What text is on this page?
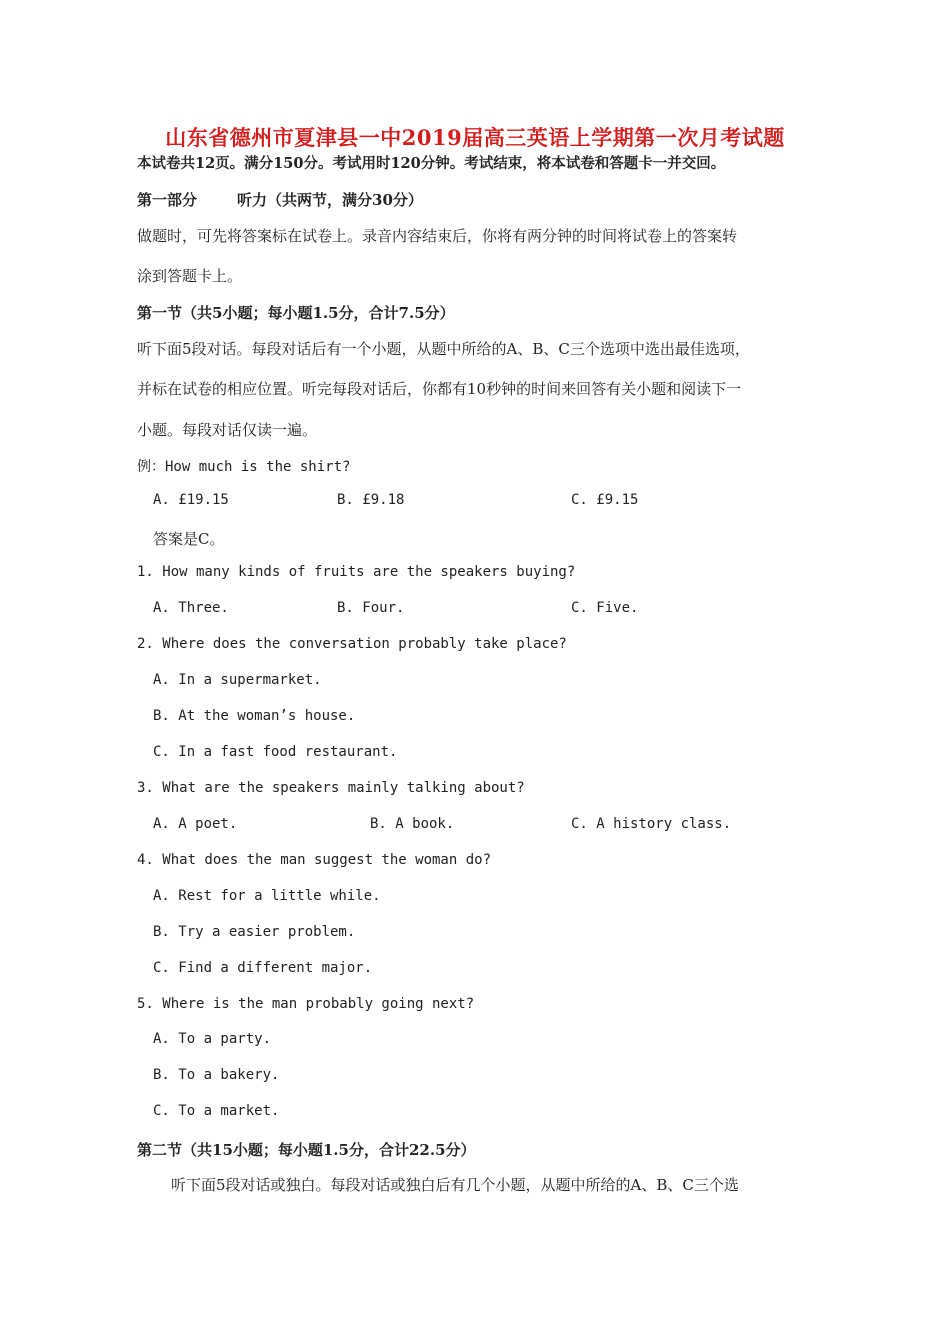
山东省德州市夏津县一中2019届高三英语上学期第一次月考试题
本试卷共12页。满分150分。考试用时120分钟。考试结束，将本试卷和答题卡一并交回。
第一部分	听力（共两节，满分30分）
做题时，可先将答案标在试卷上。录音内容结束后，你将有两分钟的时间将试卷上的答案转
涂到答题卡上。
第一节（共5小题；每小题1.5分，合计7.5分）
听下面5段对话。每段对话后有一个小题，从题中所给的A、B、C三个选项中选出最佳选项，
并标在试卷的相应位置。听完每段对话后，你都有10秒钟的时间来回答有关小题和阅读下一
小题。每段对话仅读一遍。
例：How much is the shirt?
A. £19.15	B. £9.18	C. £9.15
答案是C。
1. How many kinds of fruits are the speakers buying?
A. Three.	B. Four.	C. Five.
2. Where does the conversation probably take place?
A. In a supermarket.
B. At the woman’s house.
C. In a fast food restaurant.
3. What are the speakers mainly talking about?
A. A poet.	B. A book.	C. A history class.
4. What does the man suggest the woman do?
A. Rest for a little while.
B. Try a easier problem.
C. Find a different major.
5. Where is the man probably going next?
A. To a party.
B. To a bakery.
C. To a market.
第二节（共15小题；每小题1.5分，合计22.5分）
听下面5段对话或独白。每段对话或独白后有几个小题，从题中所给的A、B、C三个选
